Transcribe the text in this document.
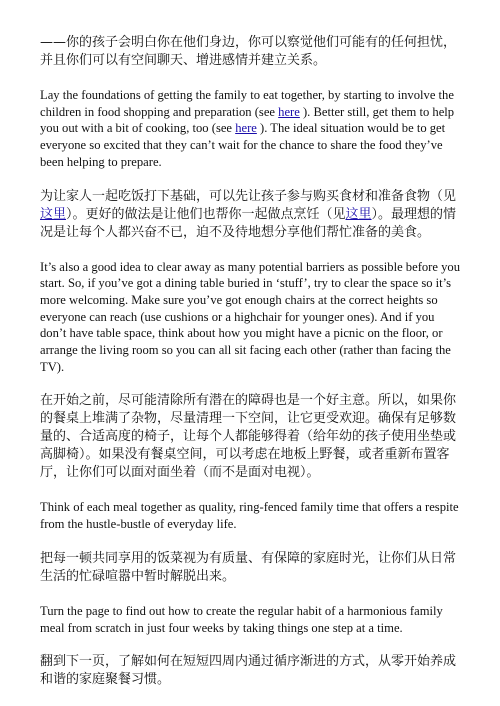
——你的孩子会明白你在他们身边，你可以察觉他们可能有的任何担忧，并且你们可以有空间聊天、增进感情并建立关系。

Lay the foundations of getting the family to eat together, by starting to involve the children in food shopping and preparation (see here ). Better still, get them to help you out with a bit of cooking, too (see here ). The ideal situation would be to get everyone so excited that they can’t wait for the chance to share the food they’ve been helping to prepare.

为让家人一起吃饭打下基础，可以先让孩子参与购买食材和准备食物（见这里）。更好的做法是让他们也帮你一起做点烹饪（见这里）。最理想的情况是让每个人都兴奋不已，迫不及待地想分享他们帮忙准备的美食。

It’s also a good idea to clear away as many potential barriers as possible before you start. So, if you’ve got a dining table buried in ‘stuff’, try to clear the space so it’s more welcoming. Make sure you’ve got enough chairs at the correct heights so everyone can reach (use cushions or a highchair for younger ones). And if you don’t have table space, think about how you might have a picnic on the floor, or arrange the living room so you can all sit facing each other (rather than facing the TV).

在开始之前，尽可能清除所有潜在的障碍也是一个好主意。所以，如果你的餐桌上堆满了杂物，尽量清理一下空间，让它更受欢迎。确保有足够数量的、合适高度的椅子，让每个人都能够得着（给年幼的孩子使用坐垫或高脚椅）。如果没有餐桌空间，可以考虑在地板上野餐，或者重新布置客厅，让你们可以面对面坐着（而不是面对电视）。

Think of each meal together as quality, ring-fenced family time that offers a respite from the hustle-bustle of everyday life.

把每一顿共同享用的饭菜视为有质量、有保障的家庭时光，让你们从日常生活的忙碌喧嚣中暂时解脱出来。

Turn the page to find out how to create the regular habit of a harmonious family meal from scratch in just four weeks by taking things one step at a time.

翻到下一页，了解如何在短短四周内通过循序渐进的方式，从零开始养成和谐的家庭聚餐习惯。
